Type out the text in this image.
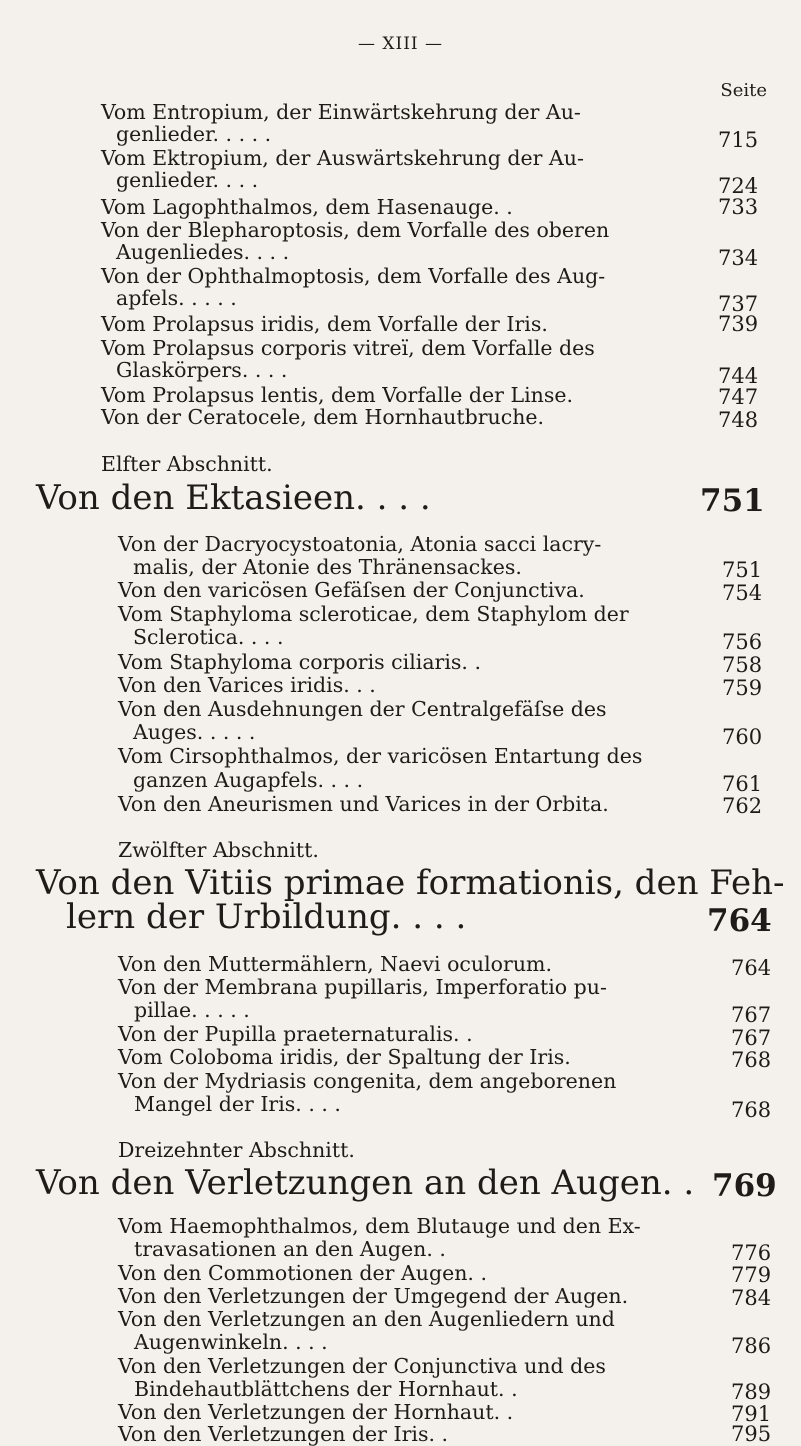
— XIII —
Seite
Vom Entropium, der Einwärtskehrung der Au-
genlieder. . . . .	715
Vom Ektropium, der Auswärtskehrung der Au-
genlieder. . . .	724
Vom Lagophthalmos, dem Hasenauge. .	733
Von der Blepharoptosis, dem Vorfalle des oberen
Augenliedes. . . .	734
Von der Ophthalmoptosis, dem Vorfalle des Aug-
apfels. . . . .	737
Vom Prolapsus iridis, dem Vorfalle der Iris.	739
Vom Prolapsus corporis vitreï, dem Vorfalle des
Glaskörpers. . . .	744
Vom Prolapsus lentis, dem Vorfalle der Linse.	747
Von der Ceratocele, dem Hornhautbruche.	748
Elfter Abschnitt.
Von den Ektasieen. . . .	751
Von der Dacryocystoatonia, Atonia sacci lacry-
malis, der Atonie des Thränensackes.	751
Von den varicösen Gefäſsen der Conjunctiva.	754
Vom Staphyloma scleroticae, dem Staphylom der
Sclerotica. . . .	756
Vom Staphyloma corporis ciliaris. .	758
Von den Varices iridis. . .	759
Von den Ausdehnungen der Centralgefäſse des
Auges. . . . .	760
Vom Cirsophthalmos, der varicösen Entartung des
ganzen Augapfels. . . .	761
Von den Aneurismen und Varices in der Orbita.	762
Zwölfter Abschnitt.
Von den Vitiis primae formationis, den Feh-
lern der Urbildung. . . .	764
Von den Muttermählern, Naevi oculorum.	764
Von der Membrana pupillaris, Imperforatio pu-
pillae. . . . .	767
Von der Pupilla praeternaturalis. .	767
Vom Coloboma iridis, der Spaltung der Iris.	768
Von der Mydriasis congenita, dem angeborenen
Mangel der Iris. . . .	768
Dreizehnter Abschnitt.
Von den Verletzungen an den Augen. . 769
Vom Haemophthalmos, dem Blutauge und den Ex-
travasationen an den Augen. .	776
Von den Commotionen der Augen. .	779
Von den Verletzungen der Umgegend der Augen.	784
Von den Verletzungen an den Augenliedern und
Augenwinkeln. . . .	786
Von den Verletzungen der Conjunctiva und des
Bindehautblättchens der Hornhaut. .	789
Von den Verletzungen der Hornhaut. .	791
Von den Verletzungen der Iris. .	795
